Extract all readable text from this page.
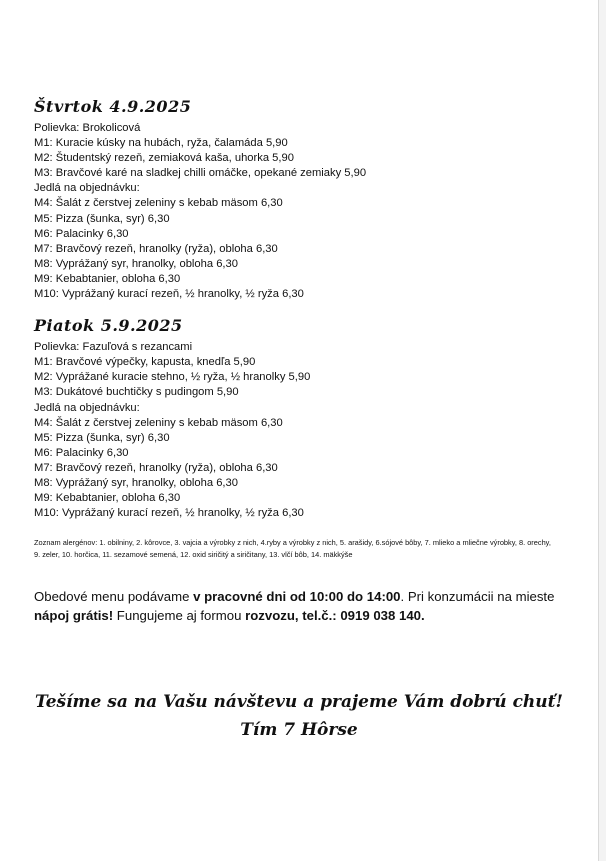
Štvrtok 4.9.2025
Polievka: Brokolicová
M1: Kuracie kúsky na hubách, ryža, čalamáda 5,90
M2: Študentský rezeň, zemiaková kaša, uhorka 5,90
M3: Bravčové karé na sladkej chilli omáčke, opekané zemiaky 5,90
Jedlá na objednávku:
M4: Šalát z čerstvej zeleniny s kebab mäsom 6,30
M5: Pizza (šunka, syr) 6,30
M6: Palacinky 6,30
M7: Bravčový rezeň, hranolky (ryža), obloha 6,30
M8: Vyprážaný syr, hranolky, obloha 6,30
M9: Kebabtanier, obloha 6,30
M10: Vyprážaný kurací rezeň, ½ hranolky, ½ ryža 6,30
Piatok 5.9.2025
Polievka: Fazuľová s rezancami
M1: Bravčové výpečky, kapusta, knedľa 5,90
M2: Vyprážané kuracie stehno, ½ ryža, ½ hranolky 5,90
M3: Dukátové buchtičky s pudingom 5,90
Jedlá na objednávku:
M4: Šalát z čerstvej zeleniny s kebab mäsom 6,30
M5: Pizza (šunka, syr) 6,30
M6: Palacinky 6,30
M7: Bravčový rezeň, hranolky (ryža), obloha 6,30
M8: Vyprážaný syr, hranolky, obloha 6,30
M9: Kebabtanier, obloha 6,30
M10: Vyprážaný kurací rezeň, ½ hranolky, ½ ryža 6,30
Zoznam alergénov: 1. obilniny, 2. kôrovce, 3. vajcia a výrobky z nich, 4.ryby a výrobky z nich, 5. arašidy, 6.sójové bôby, 7. mlieko a mliečne výrobky, 8. orechy, 9. zeler, 10. horčica, 11. sezamové semená, 12. oxid siričitý a siričitany, 13. vlčí bôb, 14. mäkkýše
Obedové menu podávame v pracovné dni od 10:00 do 14:00. Pri konzumácii na mieste nápoj grátis! Fungujeme aj formou rozvozu, tel.č.: 0919 038 140.
Tešíme sa na Vašu návštevu a prajeme Vám dobrú chuť!
Tím 7 Hôrse
